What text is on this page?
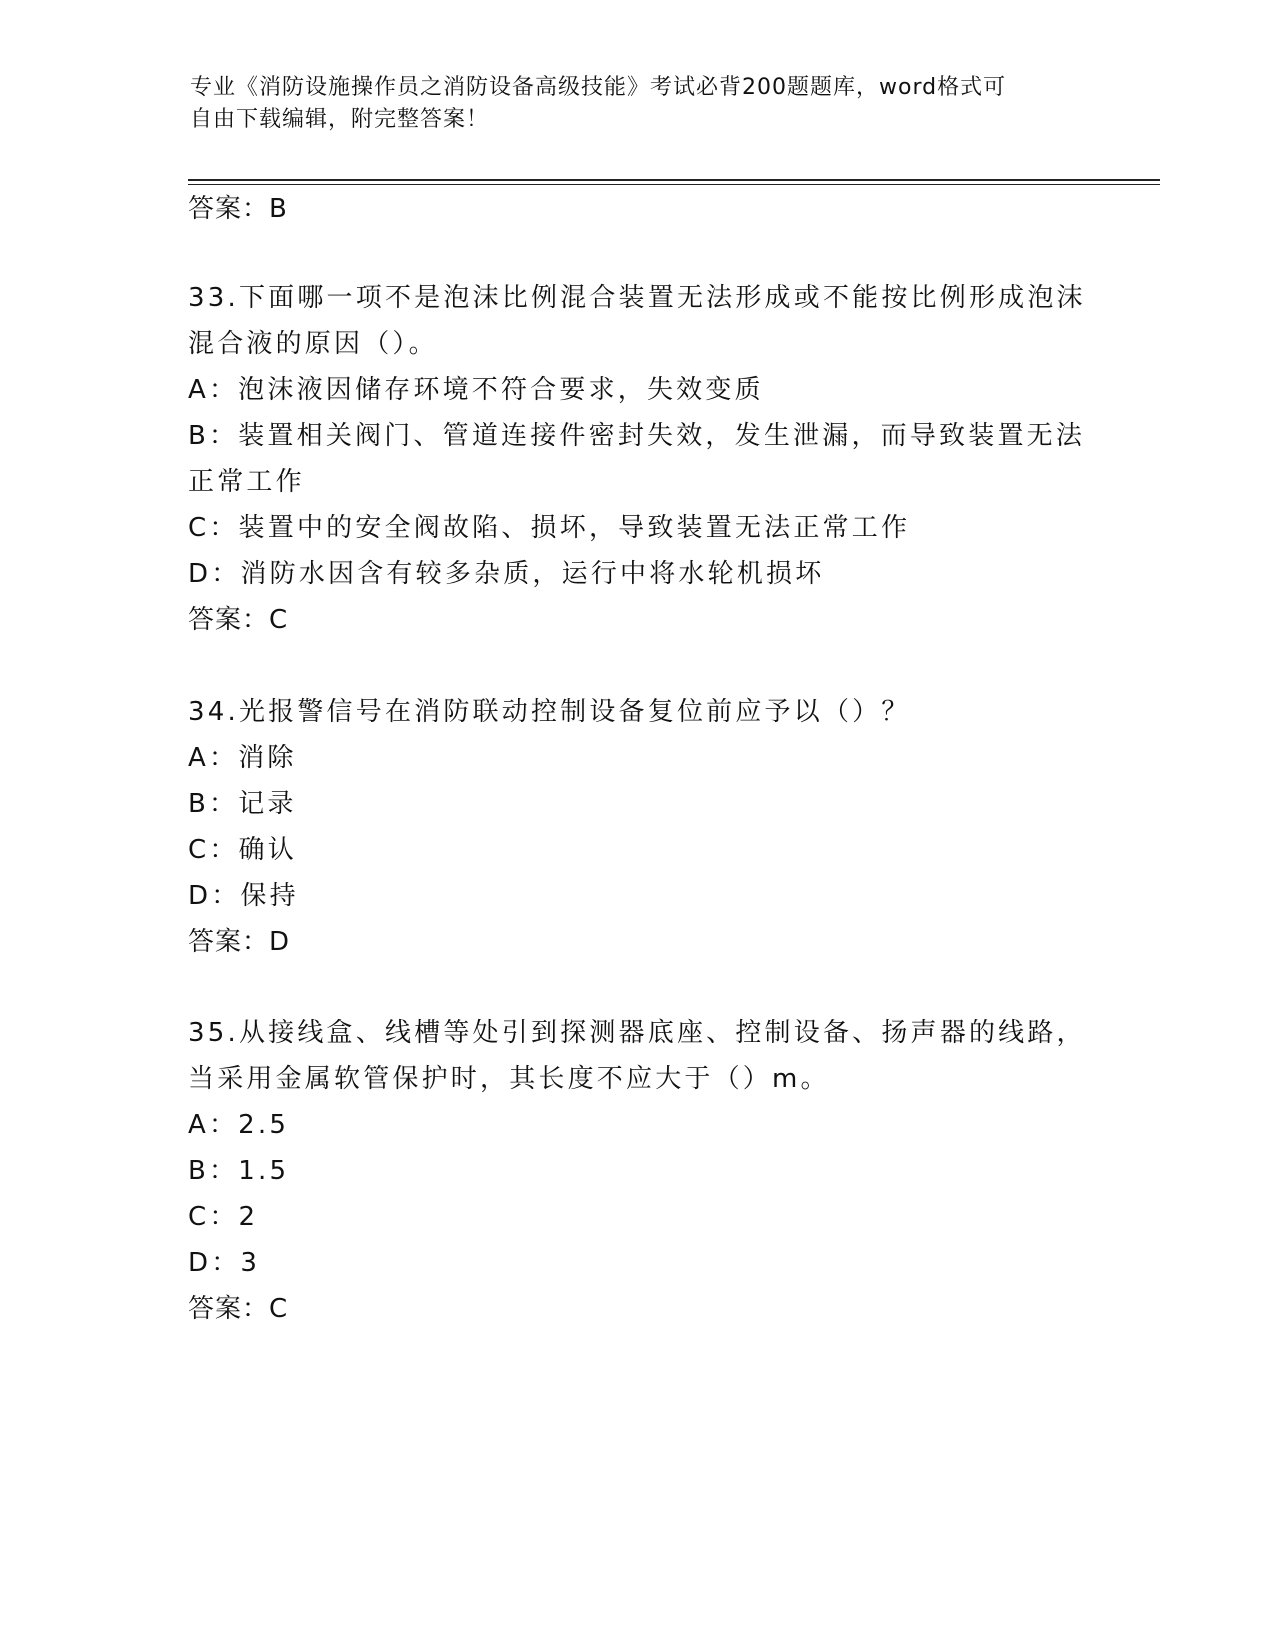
专业《消防设施操作员之消防设备高级技能》考试必背200题题库，word格式可
自由下载编辑，附完整答案！
答案：B
33.下面哪一项不是泡沫比例混合装置无法形成或不能按比例形成泡沫
混合液的原因（）。
A：泡沫液因储存环境不符合要求，失效变质
B：装置相关阀门、管道连接件密封失效，发生泄漏，而导致装置无法
正常工作
C：装置中的安全阀故陷、损坏，导致装置无法正常工作
D：消防水因含有较多杂质，运行中将水轮机损坏
答案：C
34.光报警信号在消防联动控制设备复位前应予以（）？
A：消除
B：记录
C：确认
D：保持
答案：D
35.从接线盒、线槽等处引到探测器底座、控制设备、扬声器的线路，
当采用金属软管保护时，其长度不应大于（）m。
A：2.5
B：1.5
C：2
D：3
答案：C
